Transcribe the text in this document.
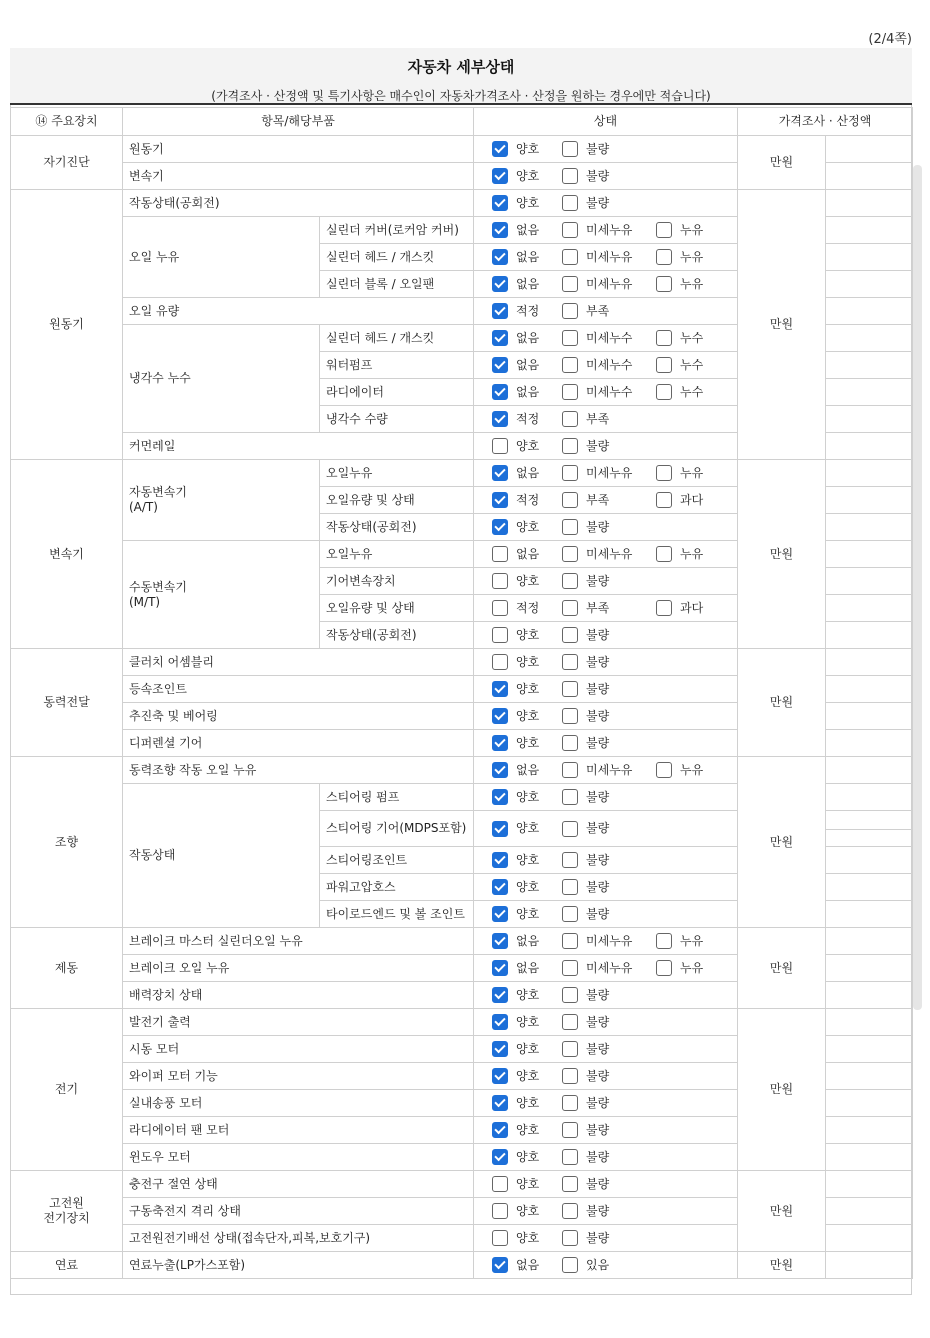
(2/4쪽)
자동차 세부상태
(가격조사 · 산정액 및 특기사항은 매수인이 자동차가격조사 · 산정을 원하는 경우에만 적습니다)
⑭ 주요장치	항목/해당부품		상태	가격조사 · 산정액	
자기진단	원동기		양호 불량	만원	
	변속기		양호 불량		

원동기	작동상태(공회전)		양호 불량	만원	
	오일 누유	실린더 커버(로커암 커버)	없음 미세누유 누유		

		실린더 헤드 / 개스킷	없음 미세누유 누유		

		실린더 블록 / 오일팬	없음 미세누유 누유		

	오일 유량		적정 부족		

	냉각수 누수	실린더 헤드 / 개스킷	없음 미세누수 누수		

		워터펌프	없음 미세누수 누수		

		라디에이터	없음 미세누수 누수		

		냉각수 수량	적정 부족		

	커먼레일		양호 불량		

변속기	자동변속기
(A/T)	오일누유	없음 미세누유 누유	만원	
		오일유량 및 상태	적정 부족 과다		

		작동상태(공회전)	양호 불량		

	수동변속기
(M/T)	오일누유	없음 미세누유 누유		

		기어변속장치	양호 불량		

		오일유량 및 상태	적정 부족 과다		

		작동상태(공회전)	양호 불량		

동력전달	클러치 어셈블리		양호 불량	만원	
	등속조인트		양호 불량		

	추진축 및 베어링		양호 불량		

	디퍼렌셜 기어		양호 불량		

조향	동력조향 작동 오일 누유		없음 미세누유 누유	만원	
	작동상태	스티어링 펌프	양호 불량		

		스티어링 기어(MDPS포함)	양호 불량		

		스티어링조인트	양호 불량		

		파워고압호스	양호 불량		

		타이로드엔드 및 볼 조인트	양호 불량		

제동	브레이크 마스터 실린더오일 누유		없음 미세누유 누유	만원	
	브레이크 오일 누유		없음 미세누유 누유		

	배력장치 상태		양호 불량		

전기	발전기 출력		양호 불량	만원	
	시동 모터		양호 불량		

	와이퍼 모터 기능		양호 불량		

	실내송풍 모터		양호 불량		

	라디에이터 팬 모터		양호 불량		

	윈도우 모터		양호 불량		

고전원
전기장치	충전구 절연 상태		양호 불량	만원	
	구동축전지 격리 상태		양호 불량		

	고전원전기배선 상태(접속단자,피복,보호기구)		양호 불량		

연료	연료누출(LP가스포함)		없음 있음	만원	
